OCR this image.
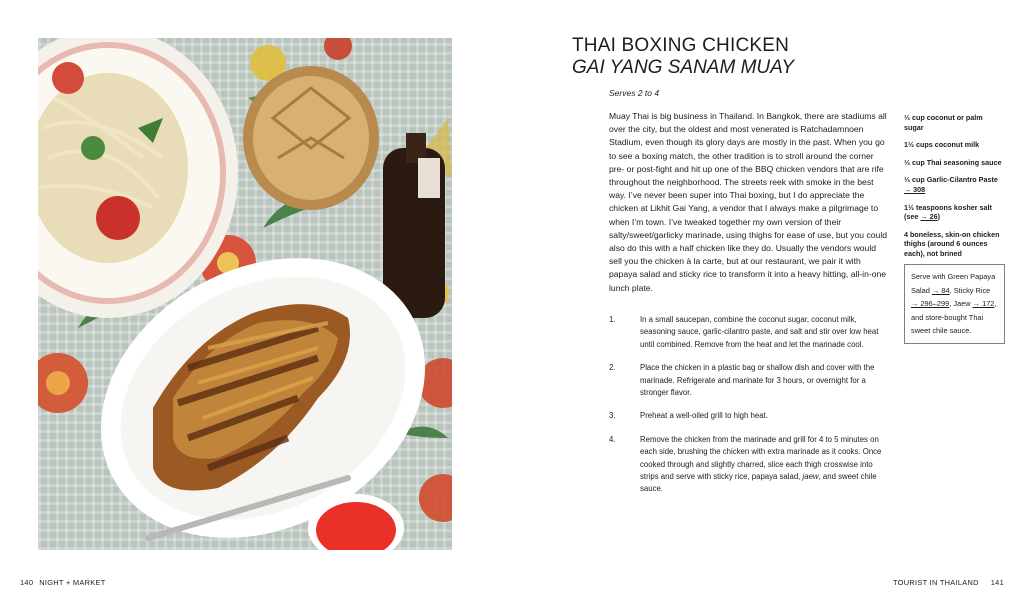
THAI BOXING CHICKEN
GAI YANG SANAM MUAY
Serves 2 to 4

Muay Thai is big business in Thailand. In Bangkok, there are stadiums all over the city, but the oldest and most venerated is Ratchadamnoen Stadium, even though its glory days are mostly in the past. When you go to see a boxing match, the other tradition is to stroll around the corner pre- or post-fight and hit up one of the BBQ chicken vendors that are rife throughout the neighborhood. The streets reek with smoke in the best way. I’ve never been super into Thai boxing, but I do appreciate the chicken at Likhit Gai Yang, a vendor that I always make a pilgrimage to when I’m town. I’ve tweaked together my own version of their salty/sweet/garlicky marinade, using thighs for ease of use, but you could also do this with a half chicken like they do. Usually the vendors would sell you the chicken à la carte, but at our restaurant, we pair it with papaya salad and sticky rice to transform it into a heavy hitting, all-in-one lunch plate.

1.	In a small saucepan, combine the coconut sugar, coconut milk, seasoning sauce, garlic-cilantro paste, and salt and stir over low heat until combined. Remove from the heat and let the marinade cool.
2.	Place the chicken in a plastic bag or shallow dish and cover with the marinade. Refrigerate and marinate for 3 hours, or overnight for a stronger flavor.
3.	Preheat a well-oiled grill to high heat.
4.	Remove the chicken from the marinade and grill for 4 to 5 minutes on each side, brushing the chicken with extra marinade as it cooks. Once cooked through and slightly charred, slice each thigh crosswise into strips and serve with sticky rice, papaya salad, jaew, and sweet chile sauce.
⅓ cup coconut or palm sugar
1½ cups coconut milk
⅓ cup Thai seasoning sauce
⅓ cup Garlic-Cilantro Paste
→ 308
1½ teaspoons kosher salt (see → 26)
4 boneless, skin-on chicken thighs (around 6 ounces each), not brined
Serve with Green Papaya Salad → 84, Sticky Rice → 296–299, Jaew → 172, and store-bought Thai sweet chile sauce.
140 NIGHT + MARKET	TOURIST IN THAILAND 141
